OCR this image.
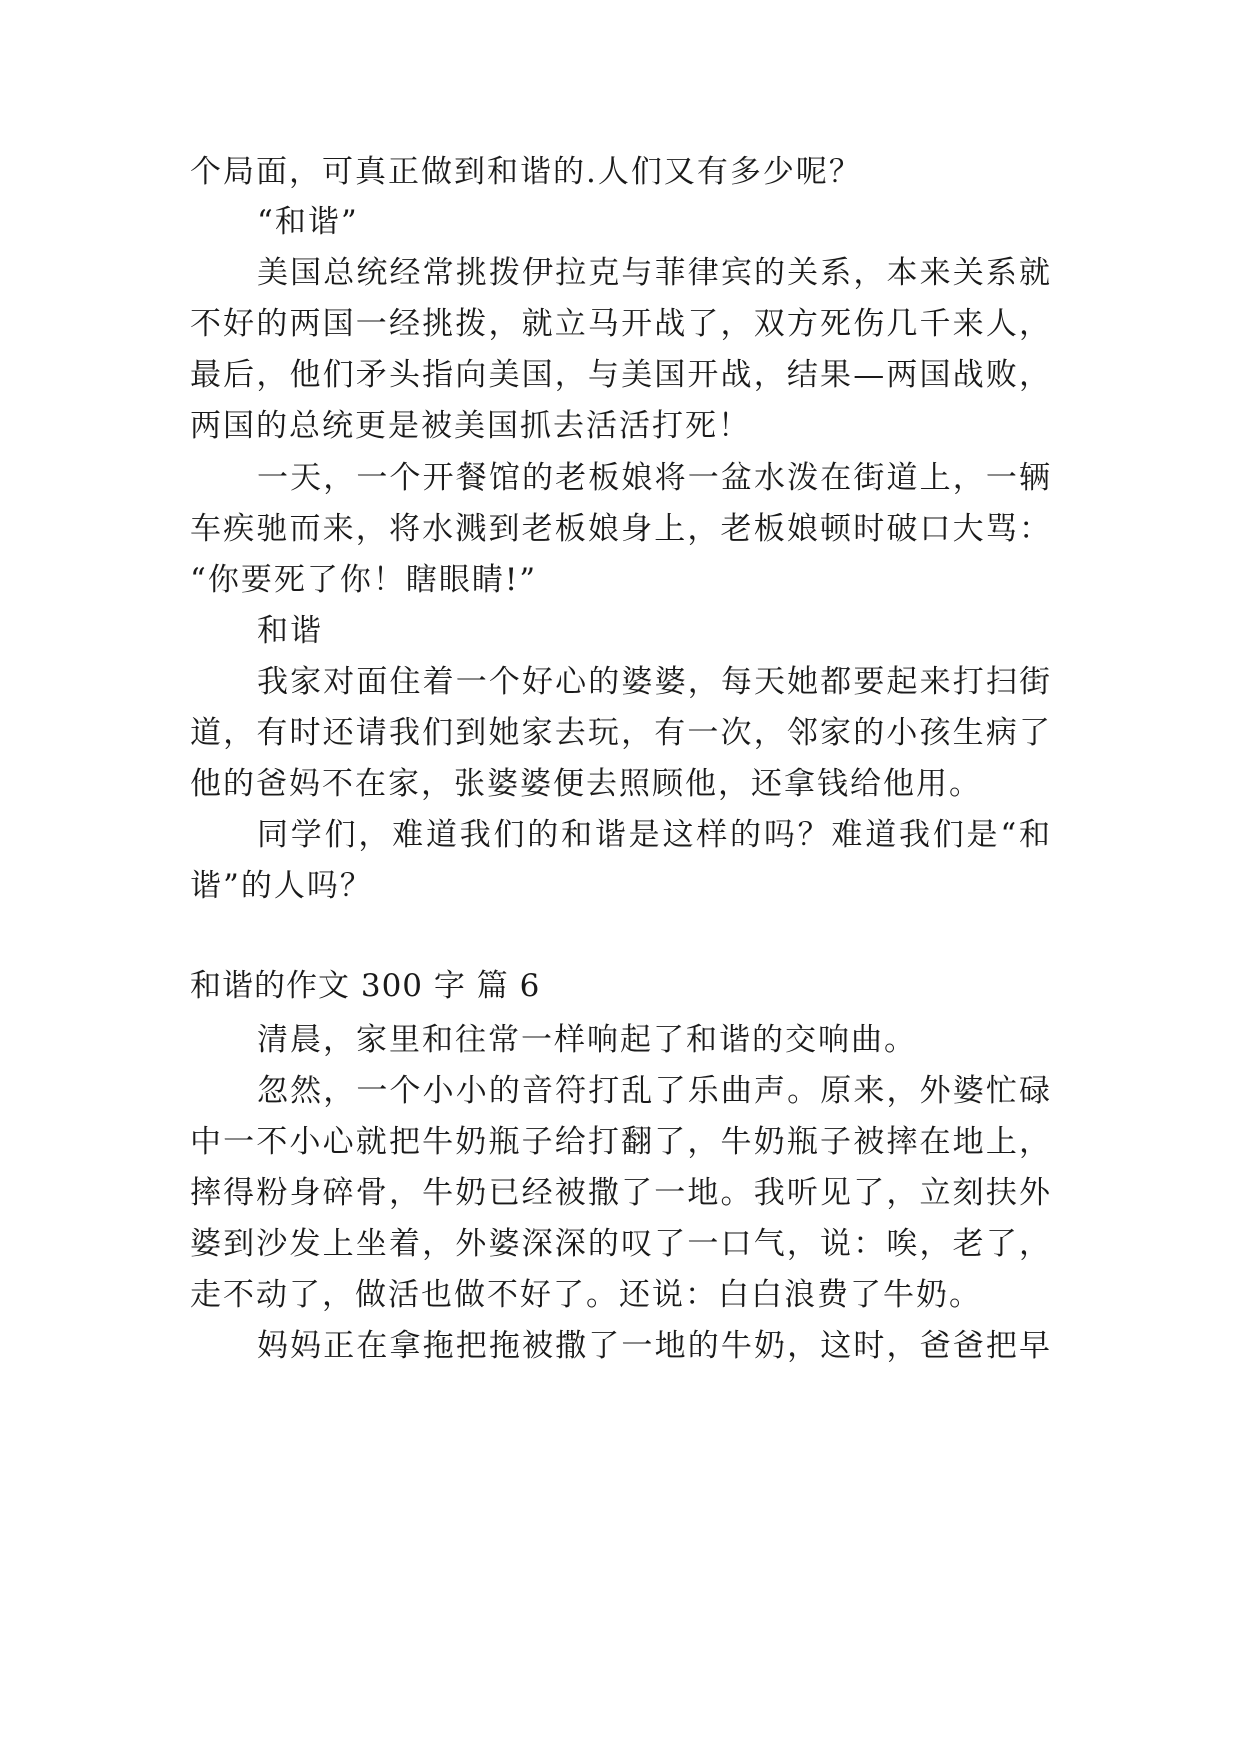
个局面，可真正做到和谐的.人们又有多少呢？
“和谐”
美国总统经常挑拨伊拉克与菲律宾的关系，本来关系就
不好的两国一经挑拨，就立马开战了，双方死伤几千来人，
最后，他们矛头指向美国，与美国开战，结果—两国战败，
两国的总统更是被美国抓去活活打死！
一天，一个开餐馆的老板娘将一盆水泼在街道上，一辆
车疾驰而来，将水溅到老板娘身上，老板娘顿时破口大骂：
“你要死了你！瞎眼睛!”
和谐
我家对面住着一个好心的婆婆，每天她都要起来打扫街
道，有时还请我们到她家去玩，有一次，邻家的小孩生病了
他的爸妈不在家，张婆婆便去照顾他，还拿钱给他用。
同学们，难道我们的和谐是这样的吗？难道我们是“和
谐”的人吗？
和谐的作文 300 字 篇 6
清晨，家里和往常一样响起了和谐的交响曲。
忽然，一个小小的音符打乱了乐曲声。原来，外婆忙碌
中一不小心就把牛奶瓶子给打翻了，牛奶瓶子被摔在地上，
摔得粉身碎骨，牛奶已经被撒了一地。我听见了，立刻扶外
婆到沙发上坐着，外婆深深的叹了一口气，说：唉，老了，
走不动了，做活也做不好了。还说：白白浪费了牛奶。
妈妈正在拿拖把拖被撒了一地的牛奶，这时，爸爸把早
